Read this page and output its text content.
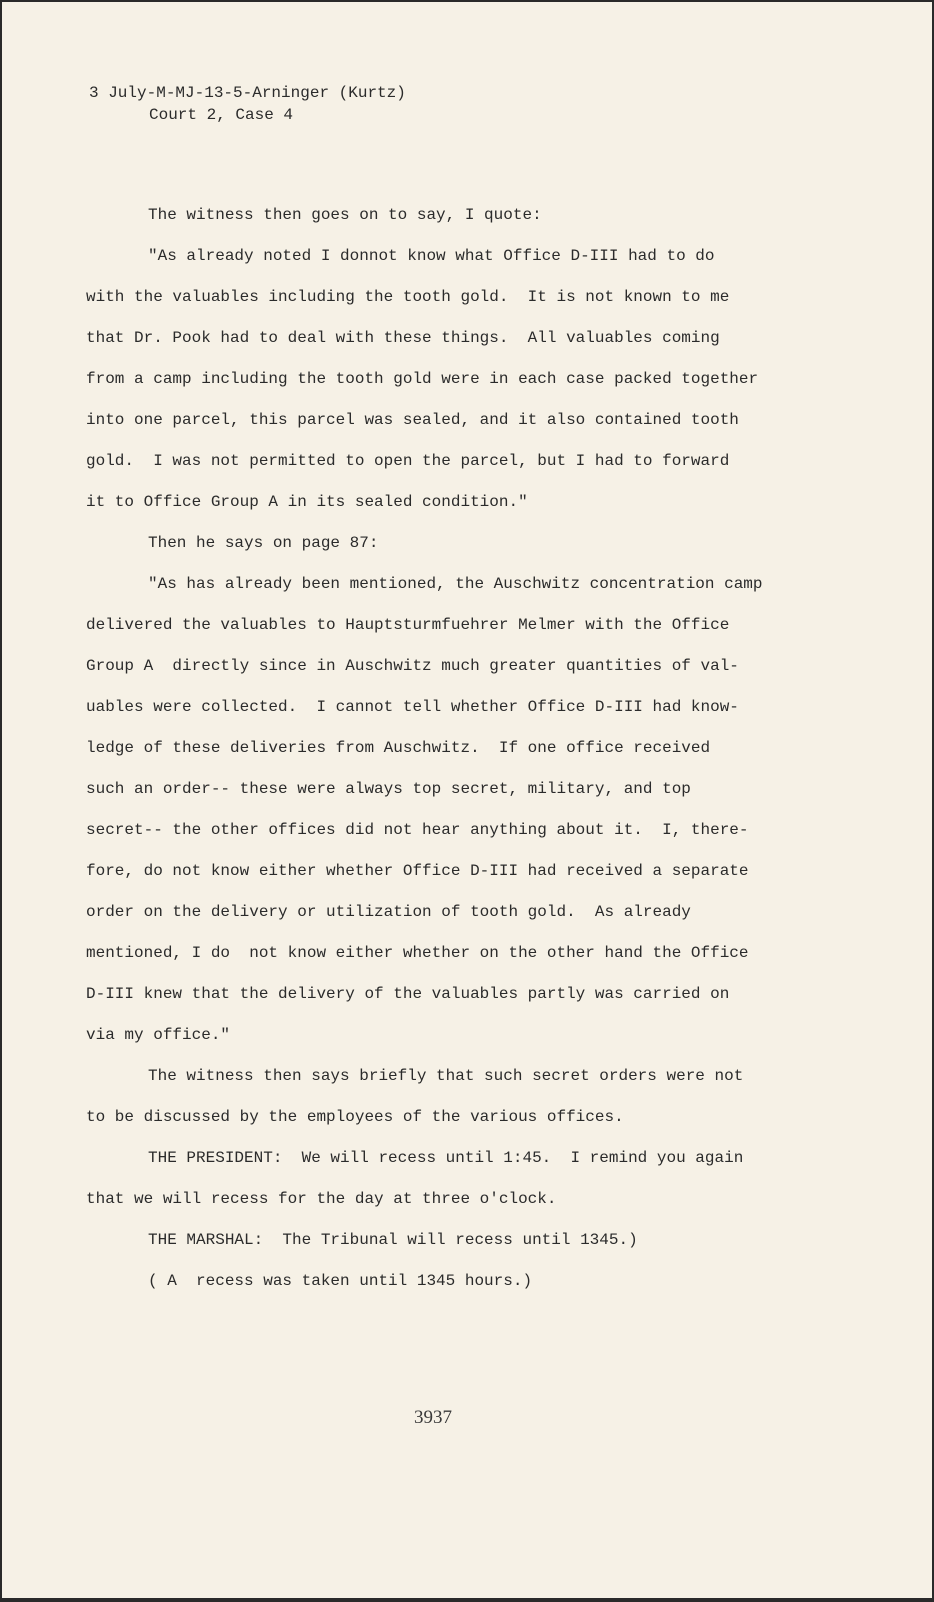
3 July-M-MJ-13-5-Arninger (Kurtz)
Court 2, Case 4
The witness then goes on to say, I quote:
"As already noted I donnot know what Office D-III had to do
with the valuables including the tooth gold.  It is not known to me
that Dr. Pook had to deal with these things.  All valuables coming
from a camp including the tooth gold were in each case packed together
into one parcel, this parcel was sealed, and it also contained tooth
gold.  I was not permitted to open the parcel, but I had to forward
it to Office Group A in its sealed condition."
Then he says on page 87:
"As has already been mentioned, the Auschwitz concentration camp
delivered the valuables to Hauptsturmfuehrer Melmer with the Office
Group A  directly since in Auschwitz much greater quantities of val-
uables were collected.  I cannot tell whether Office D-III had know-
ledge of these deliveries from Auschwitz.  If one office received
such an order-- these were always top secret, military, and top
secret-- the other offices did not hear anything about it.  I, there-
fore, do not know either whether Office D-III had received a separate
order on the delivery or utilization of tooth gold.  As already
mentioned, I do  not know either whether on the other hand the Office
D-III knew that the delivery of the valuables partly was carried on
via my office."
The witness then says briefly that such secret orders were not
to be discussed by the employees of the various offices.
THE PRESIDENT:  We will recess until 1:45.  I remind you again
that we will recess for the day at three o'clock.
THE MARSHAL:  The Tribunal will recess until 1345.)
( A  recess was taken until 1345 hours.)
3937
